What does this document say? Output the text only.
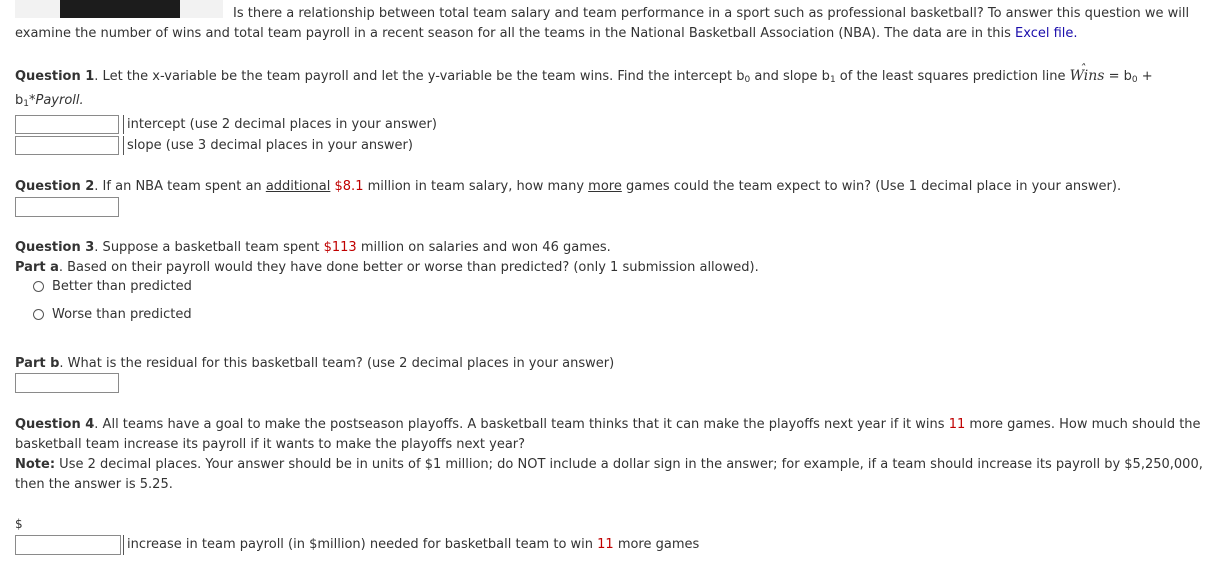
Is there a relationship between total team salary and team performance in a sport such as professional basketball? To answer this question we will
examine the number of wins and total team payroll in a recent season for all the teams in the National Basketball Association (NBA). The data are in this Excel file.
Question 1. Let the x-variable be the team payroll and let the y-variable be the team wins. Find the intercept $b_0$ and slope $b_1$ of the least squares prediction line ˆ Wins = $b_0$ +
$b_1*Payroll$.
intercept (use 2 decimal places in your answer)
slope (use 3 decimal places in your answer)
Question 2. If an NBA team spent an additional $8.1 million in team salary, how many more games could the team expect to win? (Use 1 decimal place in your answer).
Question 3. Suppose a basketball team spent $113 million on salaries and won 46 games.
Part a. Based on their payroll would they have done better or worse than predicted? (only 1 submission allowed).
Better than predicted
Worse than predicted
Part b. What is the residual for this basketball team? (use 2 decimal places in your answer)
Question 4. All teams have a goal to make the postseason playoffs. A basketball team thinks that it can make the playoffs next year if it wins 11 more games. How much should the
basketball team increase its payroll if it wants to make the playoffs next year?
Note: Use 2 decimal places. Your answer should be in units of $1 million; do NOT include a dollar sign in the answer; for example, if a team should increase its payroll by $5,250,000,
then the answer is 5.25.
$
increase in team payroll (in $million) needed for basketball team to win 11 more games
